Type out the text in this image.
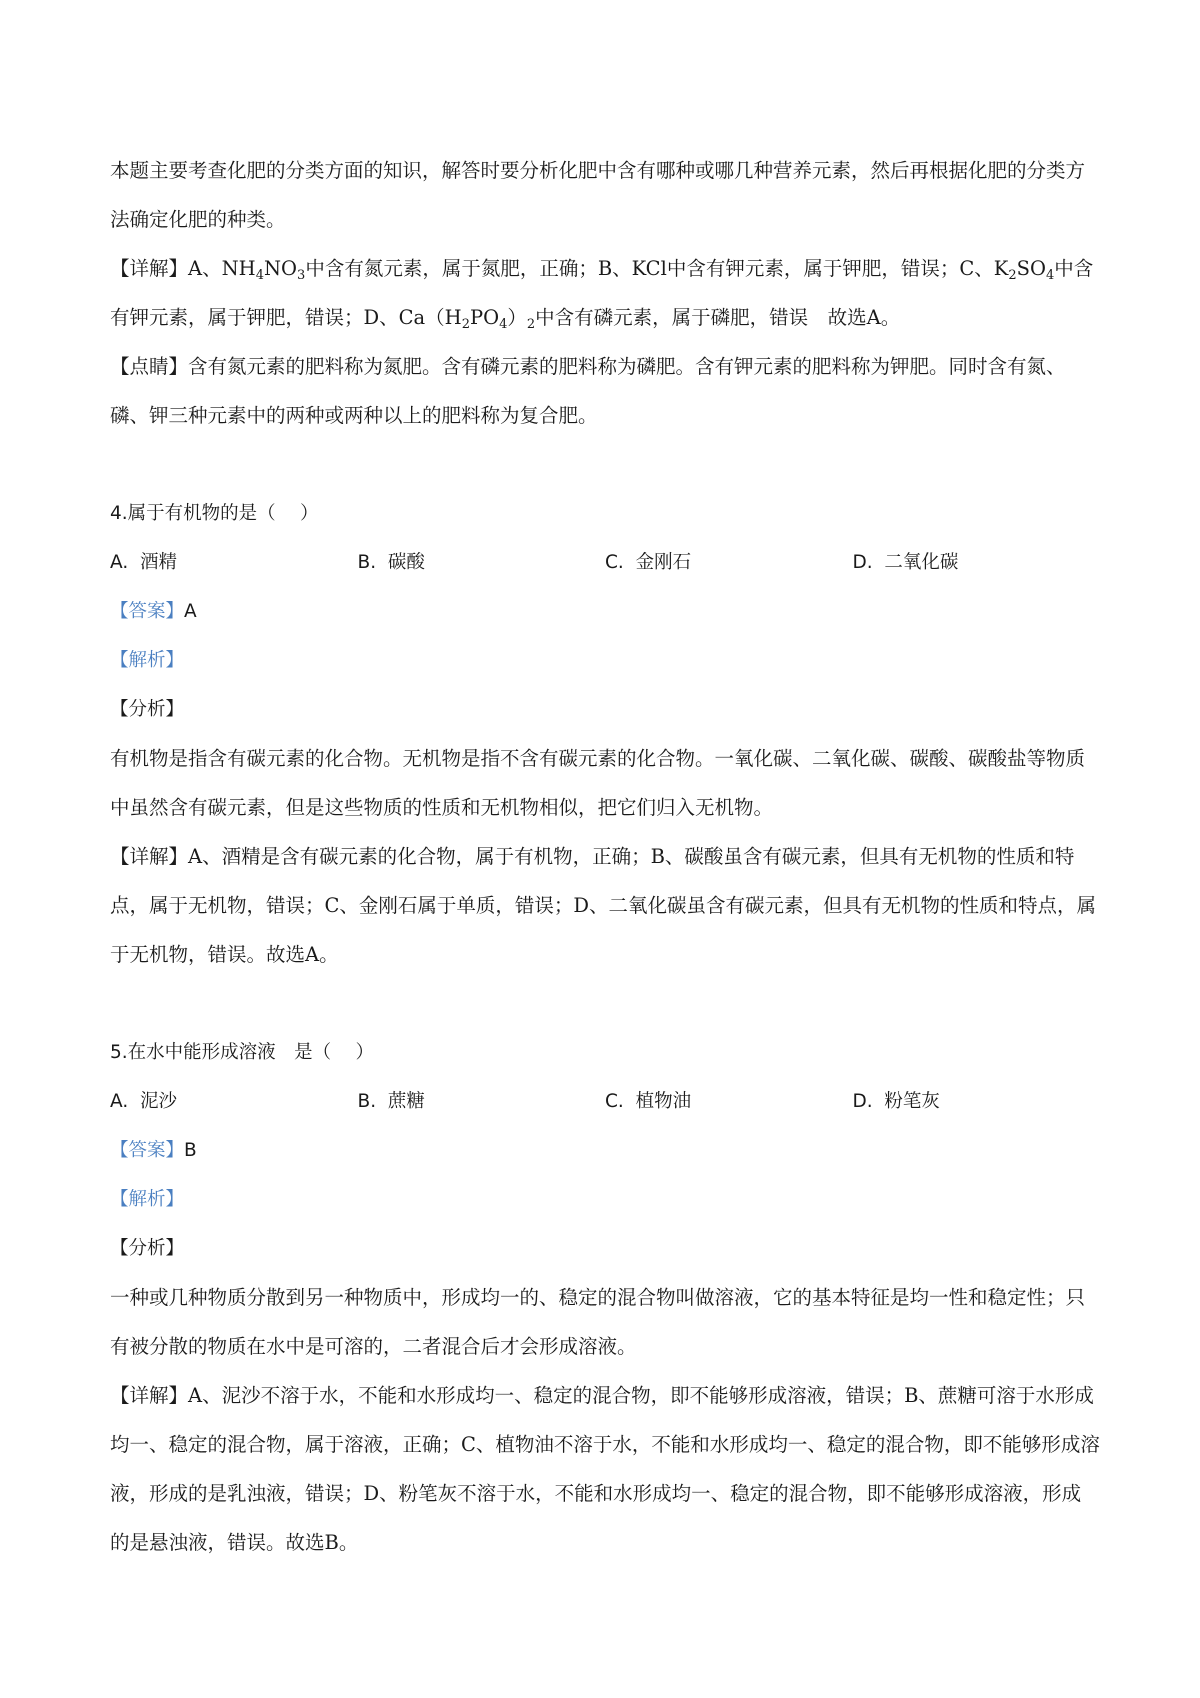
本题主要考查化肥的分类方面的知识，解答时要分析化肥中含有哪种或哪几种营养元素，然后再根据化肥的分类方法确定化肥的种类。

【详解】A、$NH_4NO_3$中含有氮元素，属于氮肥，正确；B、KCl中含有钾元素，属于钾肥，错误；C、$K_2SO_4$中含有钾元素，属于钾肥，错误；D、$Ca(H_2PO_4)_2$中含有磷元素，属于磷肥，错误　故选A。

【点睛】含有氮元素的肥料称为氮肥。含有磷元素的肥料称为磷肥。含有钾元素的肥料称为钾肥。同时含有氮、磷、钾三种元素中的两种或两种以上的肥料称为复合肥。

4.属于有机物的是（　 ）

A. 酒精	B. 碳酸	C. 金刚石	D. 二氧化碳

【答案】A

【解析】

【分析】

有机物是指含有碳元素的化合物。无机物是指不含有碳元素的化合物。一氧化碳、二氧化碳、碳酸、碳酸盐等物质中虽然含有碳元素，但是这些物质的性质和无机物相似，把它们归入无机物。

【详解】A、酒精是含有碳元素的化合物，属于有机物，正确；B、碳酸虽含有碳元素，但具有无机物的性质和特点，属于无机物，错误；C、金刚石属于单质，错误；D、二氧化碳虽含有碳元素，但具有无机物的性质和特点，属于无机物，错误。故选A。

5.在水中能形成溶液　是（　 ）

A. 泥沙	B. 蔗糖	C. 植物油	D. 粉笔灰

【答案】B

【解析】

【分析】

一种或几种物质分散到另一种物质中，形成均一的、稳定的混合物叫做溶液，它的基本特征是均一性和稳定性；只有被分散的物质在水中是可溶的，二者混合后才会形成溶液。

【详解】A、泥沙不溶于水，不能和水形成均一、稳定的混合物，即不能够形成溶液，错误；B、蔗糖可溶于水形成均一、稳定的混合物，属于溶液，正确；C、植物油不溶于水，不能和水形成均一、稳定的混合物，即不能够形成溶液，形成的是乳浊液，错误；D、粉笔灰不溶于水，不能和水形成均一、稳定的混合物，即不能够形成溶液，形成的是悬浊液，错误。故选B。
